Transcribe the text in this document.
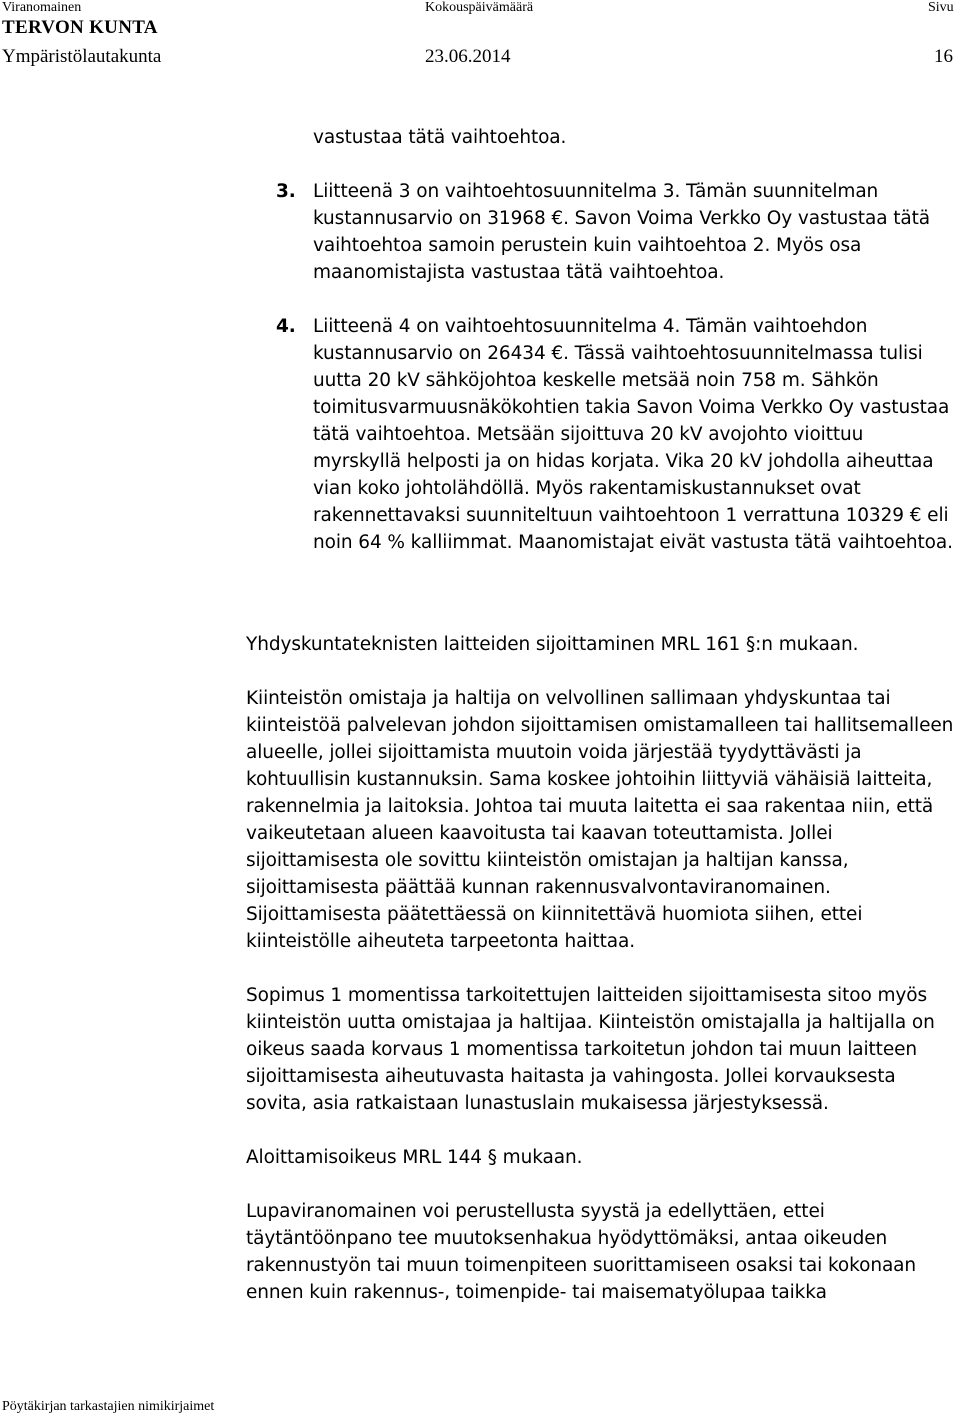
Viranomainen	Kokouspäivämäärä	Sivu
TERVON KUNTA
Ympäristölautakunta	23.06.2014	16

vastustaa tätä vaihtoehtoa.

3. Liitteenä 3 on vaihtoehtosuunnitelma 3. Tämän suunnitelman kustannusarvio on 31968 €. Savon Voima Verkko Oy vastustaa tätä vaihtoehtoa samoin perustein kuin vaihtoehtoa 2. Myös osa maanomistajista vastustaa tätä vaihtoehtoa.
4. Liitteenä 4 on vaihtoehtosuunnitelma 4. Tämän vaihtoehdon kustannusarvio on 26434 €. Tässä vaihtoehtosuunnitelmassa tulisi uutta 20 kV sähköjohtoa keskelle metsää noin 758 m. Sähkön toimitusvarmuusnäkökohtien takia Savon Voima Verkko Oy vastustaa tätä vaihtoehtoa. Metsään sijoittuva 20 kV avojohto vioittuu myrskyllä helposti ja on hidas korjata. Vika 20 kV johdolla aiheuttaa vian koko johtolähdöllä. Myös rakentamiskustannukset ovat rakennettavaksi suunniteltuun vaihtoehtoon 1 verrattuna 10329 € eli noin 64 % kalliimmat. Maanomistajat eivät vastusta tätä vaihtoehtoa.

Yhdyskuntateknisten laitteiden sijoittaminen MRL 161 §:n mukaan.

Kiinteistön omistaja ja haltija on velvollinen sallimaan yhdyskuntaa tai kiinteistöä palvelevan johdon sijoittamisen omistamalleen tai hallitsemalleen alueelle, jollei sijoittamista muutoin voida järjestää tyydyttävästi ja kohtuullisin kustannuksin. Sama koskee johtoihin liittyviä vähäisiä laitteita, rakennelmia ja laitoksia. Johtoa tai muuta laitetta ei saa rakentaa niin, että vaikeutetaan alueen kaavoitusta tai kaavan toteuttamista. Jollei sijoittamisesta ole sovittu kiinteistön omistajan ja haltijan kanssa, sijoittamisesta päättää kunnan rakennusvalvontaviranomainen. Sijoittamisesta päätettäessä on kiinnitettävä huomiota siihen, ettei kiinteistölle aiheuteta tarpeetonta haittaa.

Sopimus 1 momentissa tarkoitettujen laitteiden sijoittamisesta sitoo myös kiinteistön uutta omistajaa ja haltijaa. Kiinteistön omistajalla ja haltijalla on oikeus saada korvaus 1 momentissa tarkoitetun johdon tai muun laitteen sijoittamisesta aiheutuvasta haitasta ja vahingosta. Jollei korvauksesta sovita, asia ratkaistaan lunastuslain mukaisessa järjestyksessä.

Aloittamisoikeus MRL 144 § mukaan.

Lupaviranomainen voi perustellusta syystä ja edellyttäen, ettei täytäntöönpano tee muutoksenhakua hyödyttömäksi, antaa oikeuden rakennustyön tai muun toimenpiteen suorittamiseen osaksi tai kokonaan ennen kuin rakennus-, toimenpide- tai maisematyölupaa taikka

Pöytäkirjan tarkastajien nimikirjaimet
